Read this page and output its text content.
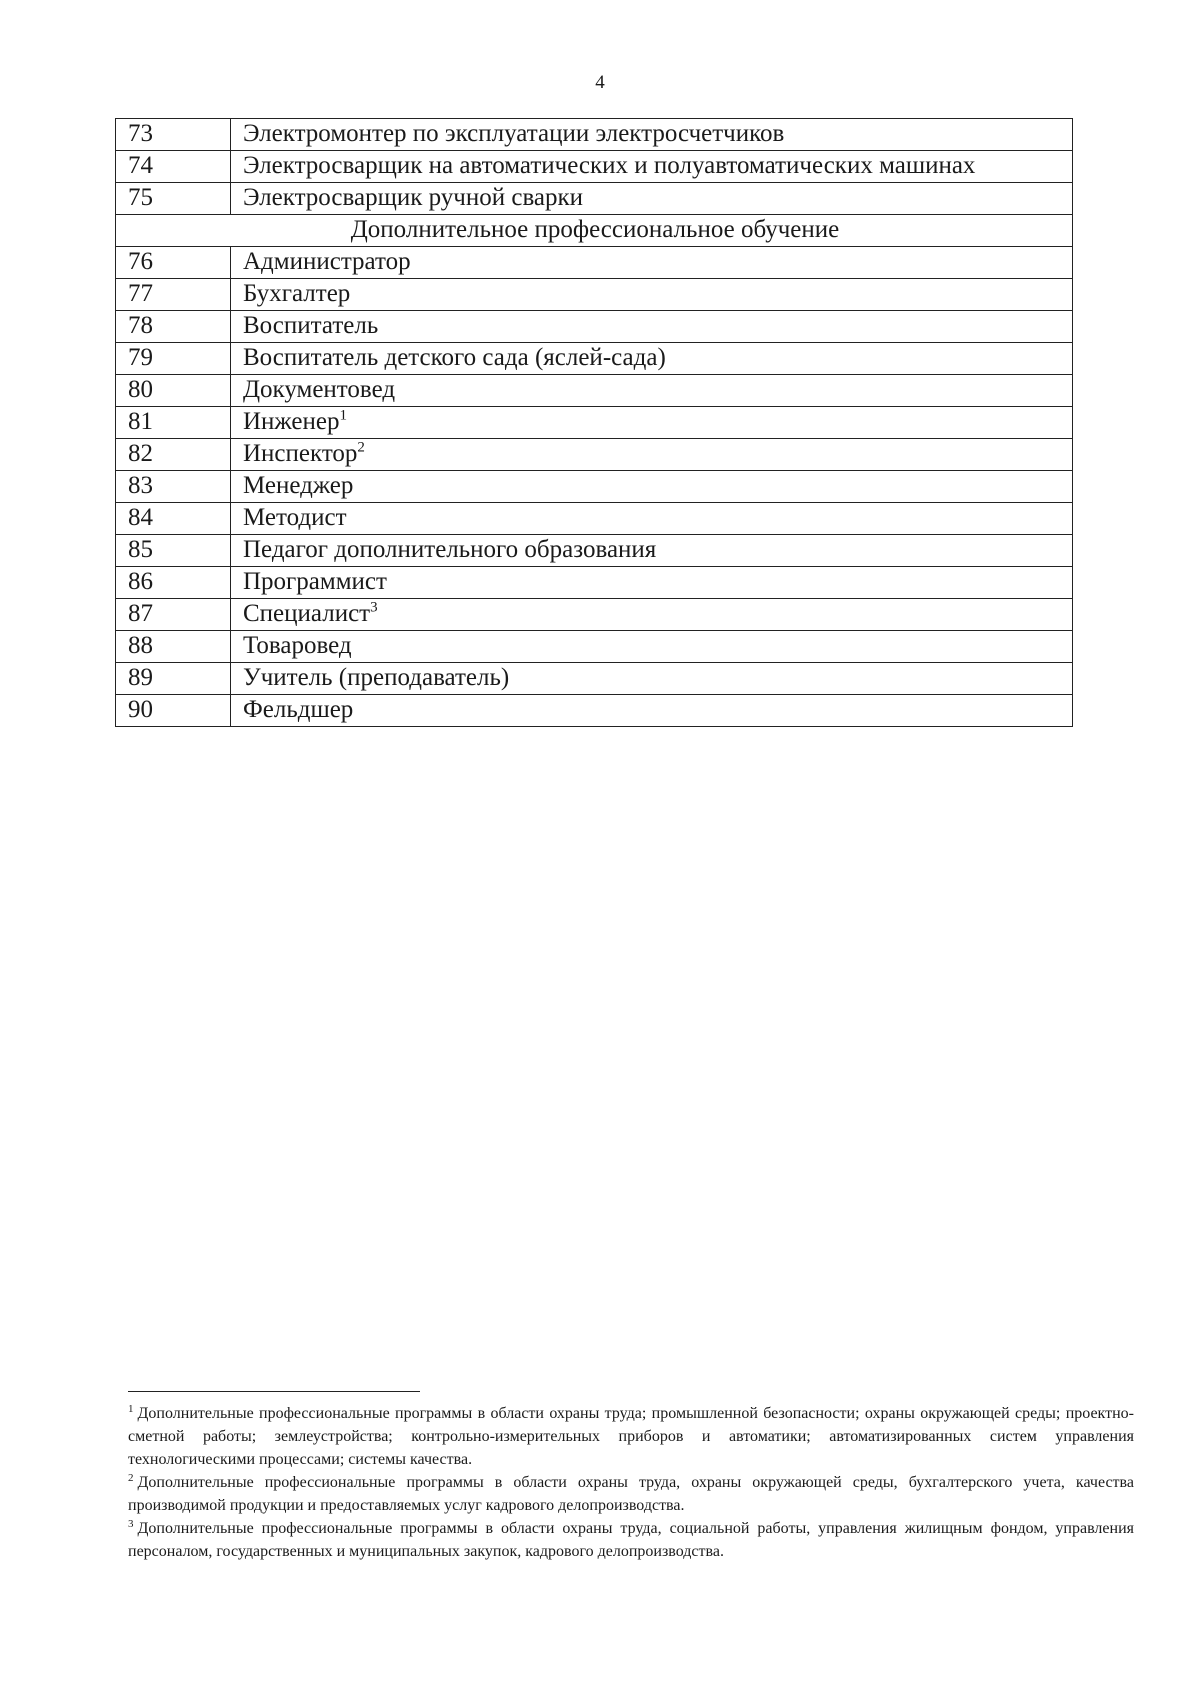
4
73	Электромонтер по эксплуатации электросчетчиков
74	Электросварщик на автоматических и полуавтоматических машинах
75	Электросварщик ручной сварки
Дополнительное профессиональное обучение	
76	Администратор
77	Бухгалтер
78	Воспитатель
79	Воспитатель детского сада (яслей-сада)
80	Документовед
81	Инженер$^1$
82	Инспектор$^2$
83	Менеджер
84	Методист
85	Педагог дополнительного образования
86	Программист
87	Специалист$^3$
88	Товаровед
89	Учитель (преподаватель)
90	Фельдшер

$^1$ Дополнительные профессиональные программы в области охраны труда; промышленной безопасности; охраны окружающей среды; проектно-сметной работы; землеустройства; контрольно-измерительных приборов и автоматики; автоматизированных систем управления технологическими процессами; системы качества.

$^2$ Дополнительные профессиональные программы в области охраны труда, охраны окружающей среды, бухгалтерского учета, качества производимой продукции и предоставляемых услуг кадрового делопроизводства.

$^3$ Дополнительные профессиональные программы в области охраны труда, социальной работы, управления жилищным фондом, управления персоналом, государственных и муниципальных закупок, кадрового делопроизводства.
